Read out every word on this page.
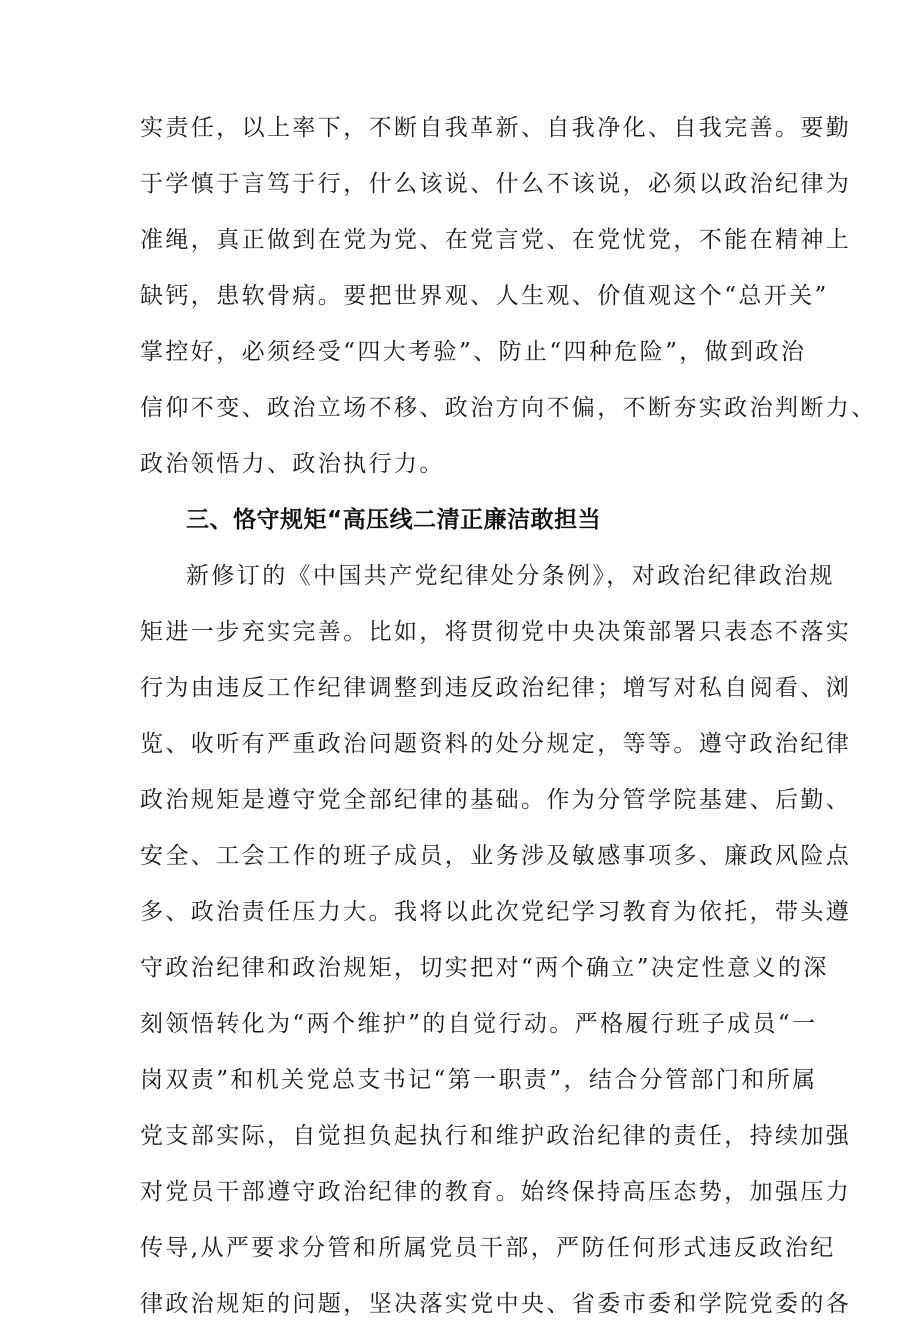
实责任，以上率下，不断自我革新、自我净化、自我完善。要勤
于学慎于言笃于行，什么该说、什么不该说，必须以政治纪律为
准绳，真正做到在党为党、在党言党、在党忧党，不能在精神上
缺钙，患软骨病。要把世界观、人生观、价值观这个“总开关”
掌控好，必须经受“四大考验”、防止“四种危险”，做到政治
信仰不变、政治立场不移、政治方向不偏，不断夯实政治判断力、
政治领悟力、政治执行力。
三、恪守规矩“高压线二清正廉洁敢担当
新修订的《中国共产党纪律处分条例》，对政治纪律政治规
矩进一步充实完善。比如，将贯彻党中央决策部署只表态不落实
行为由违反工作纪律调整到违反政治纪律；增写对私自阅看、浏
览、收听有严重政治问题资料的处分规定，等等。遵守政治纪律
政治规矩是遵守党全部纪律的基础。作为分管学院基建、后勤、
安全、工会工作的班子成员，业务涉及敏感事项多、廉政风险点
多、政治责任压力大。我将以此次党纪学习教育为依托，带头遵
守政治纪律和政治规矩，切实把对“两个确立”决定性意义的深
刻领悟转化为“两个维护”的自觉行动。严格履行班子成员“一
岗双责”和机关党总支书记“第一职责”，结合分管部门和所属
党支部实际，自觉担负起执行和维护政治纪律的责任，持续加强
对党员干部遵守政治纪律的教育。始终保持高压态势，加强压力
传导,从严要求分管和所属党员干部，严防任何形式违反政治纪
律政治规矩的问题，坚决落实党中央、省委市委和学院党委的各
